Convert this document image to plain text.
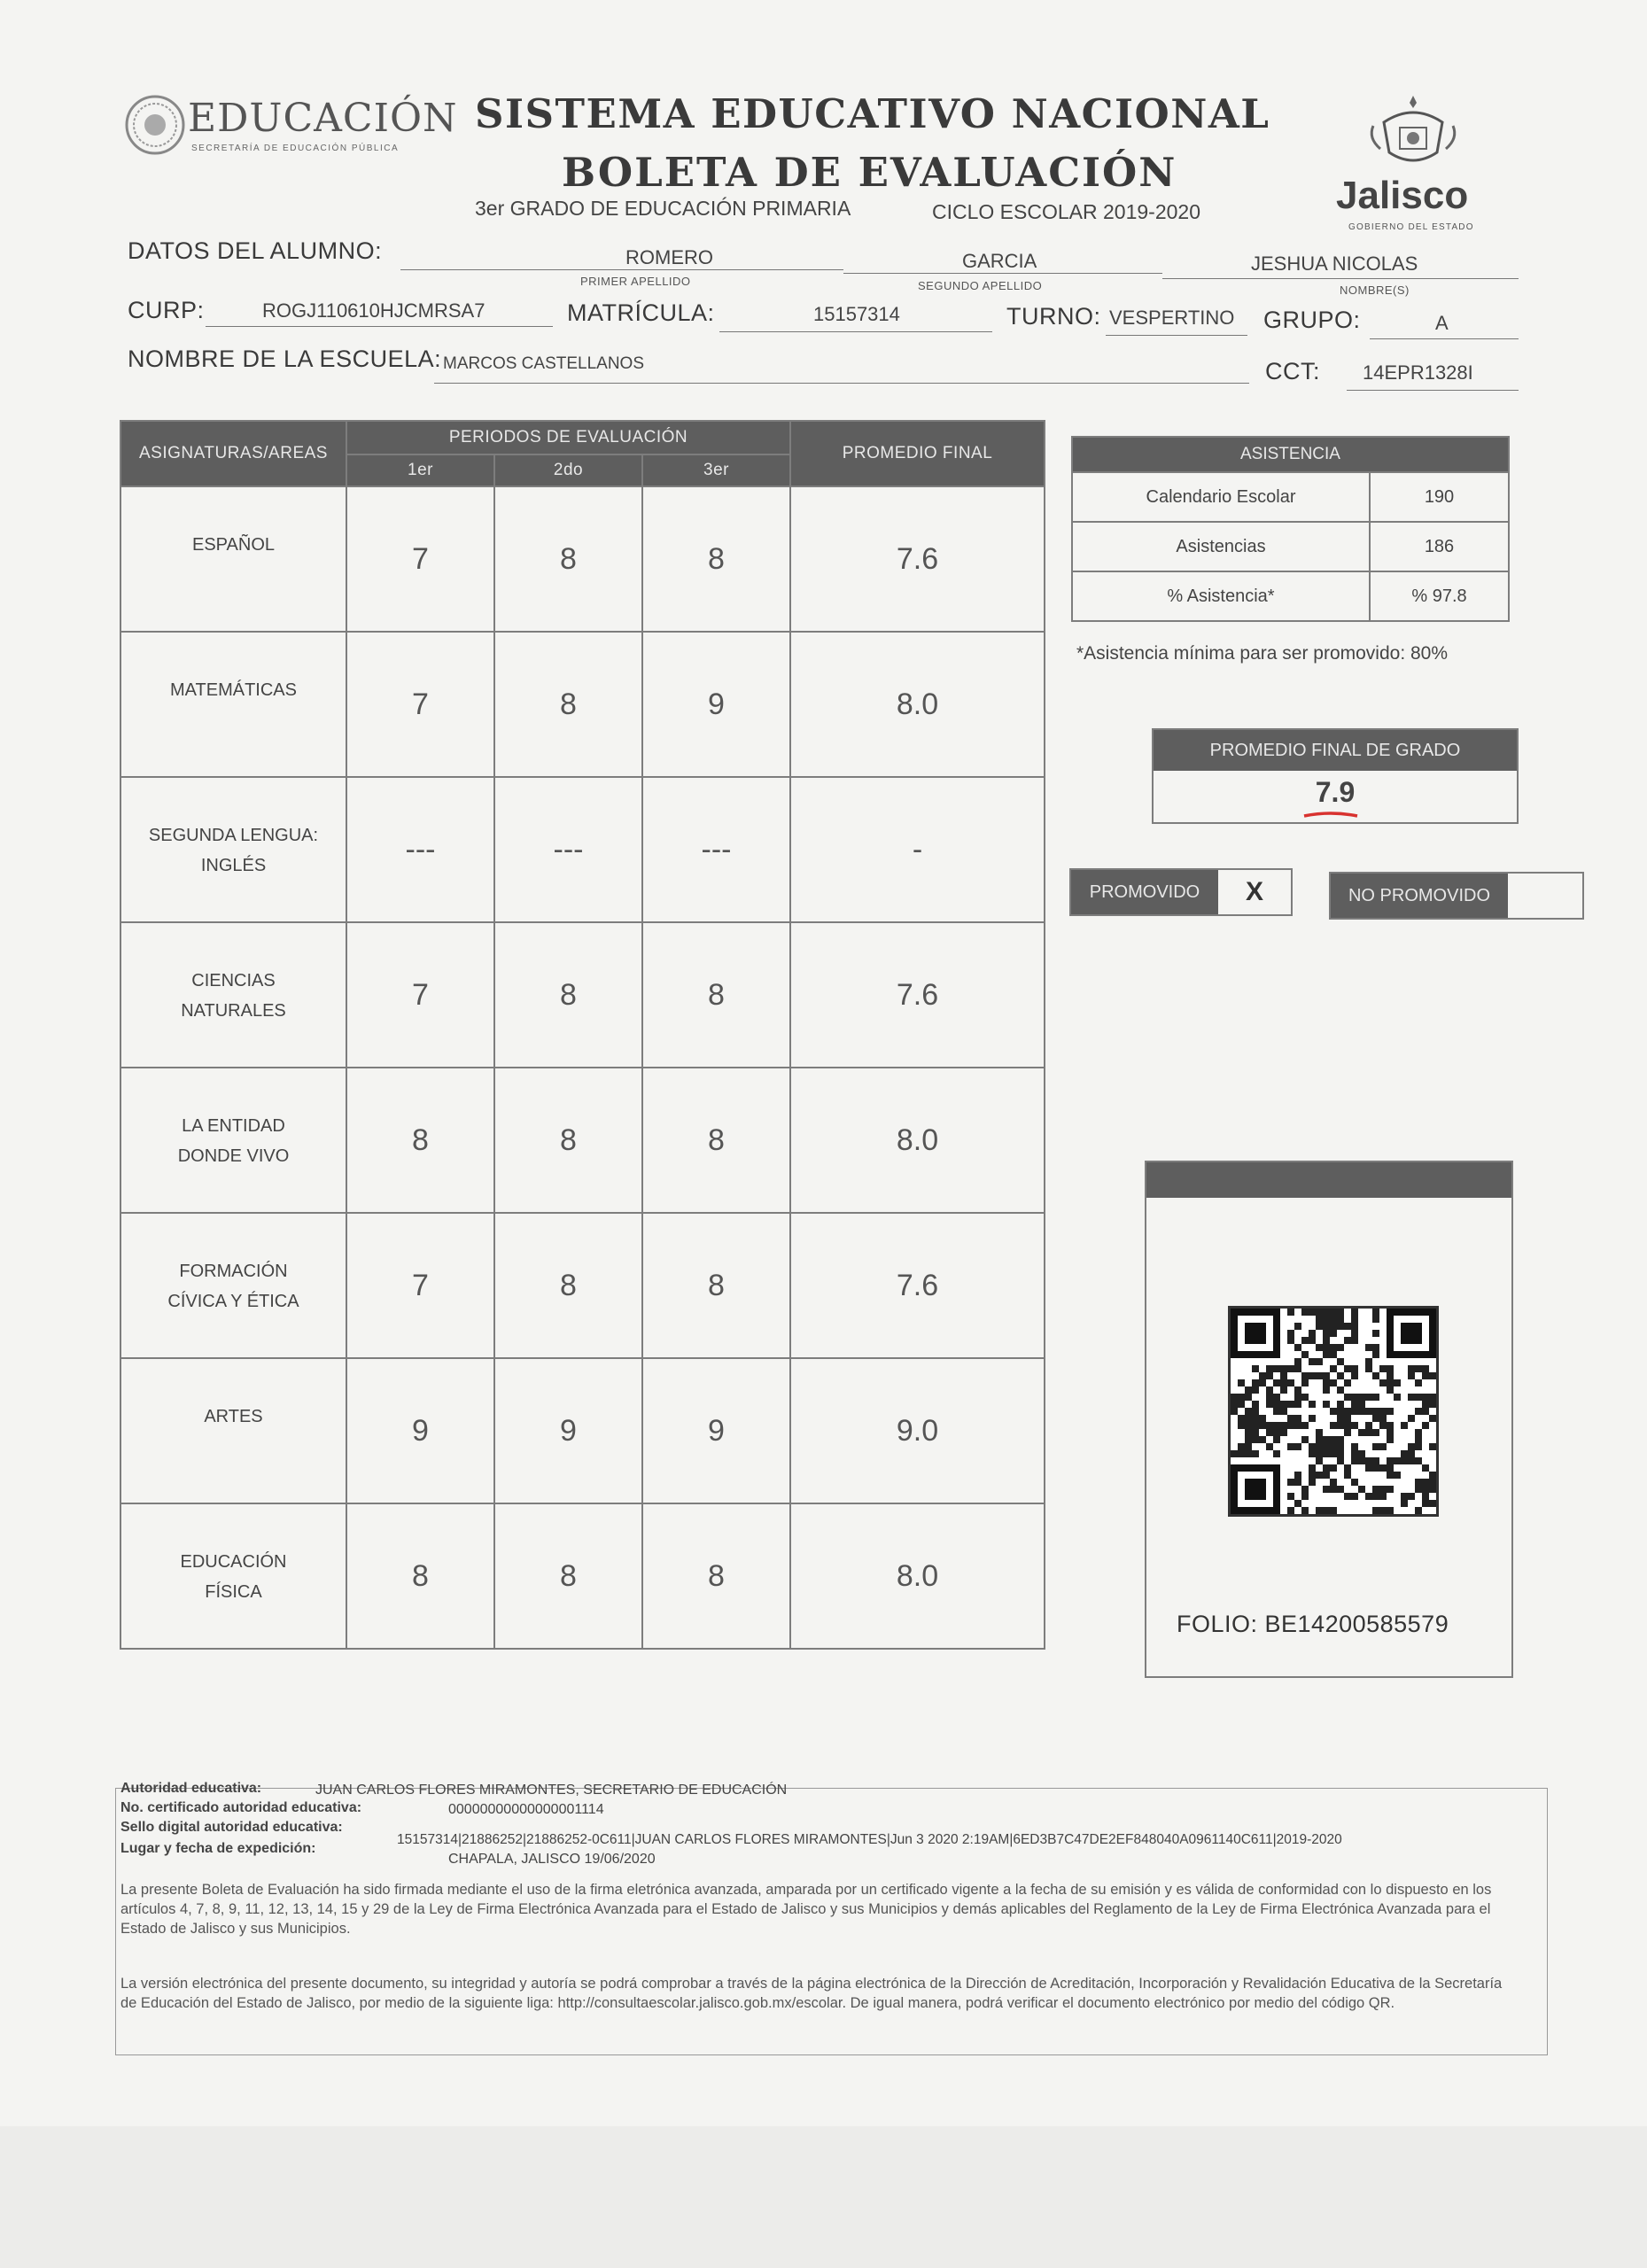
EDUCACIÓN
SECRETARÍA DE EDUCACIÓN PÚBLICA
SISTEMA EDUCATIVO NACIONAL
BOLETA DE EVALUACIÓN
3er GRADO DE EDUCACIÓN PRIMARIA	CICLO ESCOLAR 2019-2020	Jalisco
GOBIERNO DEL ESTADO
DATOS DEL ALUMNO:	ROMERO
PRIMER APELLIDO
GARCIA
SEGUNDO APELLIDO
JESHUA NICOLAS
NOMBRE(S)
CURP:	ROGJ110610HJCMRSA7	MATRÍCULA:	15157314	TURNO: VESPERTINO GRUPO:	A
NOMBRE DE LA ESCUELA: MARCOS CASTELLANOS	CCT: 14EPR1328I
ASIGNATURAS/AREAS	PERIODOS DE EVALUACIÓN			PROMEDIO FINAL
	1er	2do	3er	

ESPAÑOL	7	8	8	7.6

MATEMÁTICAS	7	8	9	8.0

SEGUNDA LENGUA:
INGLÉS	---	---	---	-

CIENCIAS
NATURALES	7	8	8	7.6

LA ENTIDAD
DONDE VIVO	8	8	8	8.0

FORMACIÓN
CÍVICA Y ÉTICA	7	8	8	7.6

ARTES	9	9	9	9.0

EDUCACIÓN
FÍSICA	8	8	8	8.0
ASISTENCIA	
Calendario Escolar	190
Asistencias	186
% Asistencia*	% 97.8
*Asistencia mínima para ser promovido: 80%
PROMEDIO FINAL DE GRADO
7.9
PROMOVIDO	X	NO PROMOVIDO
FOLIO: BE14200585579
Autoridad educativa:	JUAN CARLOS FLORES MIRAMONTES, SECRETARIO DE EDUCACIÓN
No. certificado autoridad educativa:	00000000000000001114
Sello digital autoridad educativa:
15157314|21886252|21886252-0C611|JUAN CARLOS FLORES MIRAMONTES|Jun 3 2020 2:19AM|6ED3B7C47DE2EF848040A0961140C611|2019-2020
Lugar y fecha de expedición:
CHAPALA, JALISCO 19/06/2020
La presente Boleta de Evaluación ha sido firmada mediante el uso de la firma eletrónica avanzada, amparada por un certificado vigente a la fecha de su emisión y es válida de conformidad con lo dispuesto en los artículos 4, 7, 8, 9, 11, 12, 13, 14, 15 y 29 de la Ley de Firma Electrónica Avanzada para el Estado de Jalisco y sus Municipios y demás aplicables del Reglamento de la Ley de Firma Electrónica Avanzada para el Estado de Jalisco y sus Municipios.
La versión electrónica del presente documento, su integridad y autoría se podrá comprobar a través de la página electrónica de la Dirección de Acreditación, Incorporación y Revalidación Educativa de la Secretaría de Educación del Estado de Jalisco, por medio de la siguiente liga: http://consultaescolar.jalisco.gob.mx/escolar. De igual manera, podrá verificar el documento electrónico por medio del código QR.
